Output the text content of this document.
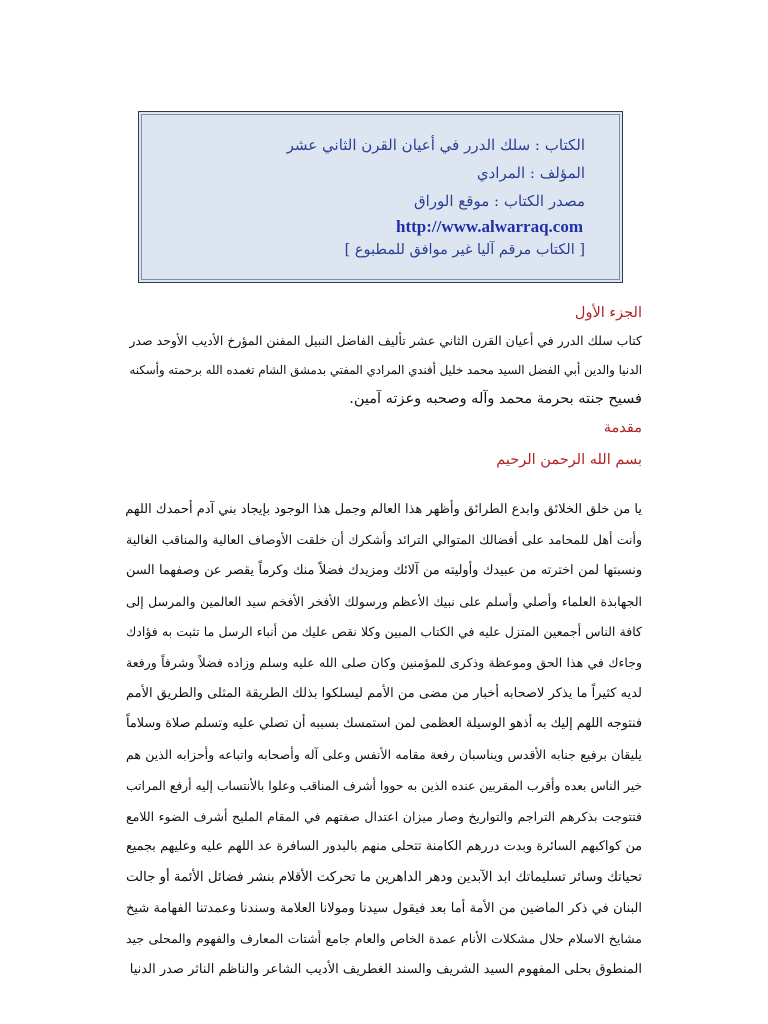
الكتاب : سلك الدرر في أعيان القرن الثاني عشر
المؤلف : المرادي
مصدر الكتاب : موقع الوراق
http://www.alwarraq.com
[ الكتاب مرقم آليا غير موافق للمطبوع ]
الجزء الأول

كتاب سلك الدرر في أعيان القرن الثاني عشر تأليف الفاضل النبيل المفنن المؤرخ الأديب الأوحد صدر
الدنيا والدين أبي الفضل السيد محمد خليل أفندي المرادي المفتي بدمشق الشام تغمده الله برحمته وأسكنه
فسيح جنته بحرمة محمد وآله وصحبه وعزته آمين.

مقدمة
بسم الله الرحمن الرحيم
يا من خلق الخلائق وابدع الطرائق وأظهر هذا العالم وجمل هذا الوجود بإيجاد بني آدم أحمدك اللهم
وأنت أهل للمحامد على أفضالك المتوالي الترائد وأشكرك أن خلقت الأوصاف العالية والمناقب الغالية
ونسبتها لمن اخترته من عبيدك وأوليته من آلائك ومزيدك فضلاً منك وكرماً يقصر عن وصفهما السن
الجهابذة العلماء وأصلي وأسلم على نبيك الأعظم ورسولك الأفخر الأفخم سيد العالمين والمرسل إلى
كافة الناس أجمعين المتزل عليه في الكتاب المبين وكلا نقص عليك من أنباء الرسل ما تثبت به فؤادك
وجاءك في هذا الحق وموعظة وذكرى للمؤمنين وكان صلى الله عليه وسلم وزاده فضلاً وشرفاً ورفعة
لديه كثيراً ما يذكر لاصحابه أخبار من مضى من الأمم ليسلكوا بذلك الطريقة المثلى والطريق الأمم
فنتوجه اللهم إليك به أذهو الوسيلة العظمى لمن استمسك بسببه أن تصلي عليه وتسلم صلاة وسلاماً
يليقان برفيع جنابه الأقدس ويناسبان رفعة مقامه الأنفس وعلى آله وأصحابه واتباعه وأحزابه الذين هم
خير الناس بعده وأقرب المقربين عنده الذين به حووا أشرف المناقب وعلوا بالأنتساب إليه أرفع المراتب
فتتوجت بذكرهم التراجم والتواريخ وصار ميزان اعتدال صفتهم في المقام المليح أشرف الضوء اللامع
من كواكبهم السائرة وبدت دررهم الكامنة تتحلى منهم بالبدور السافرة عد اللهم عليه وعليهم بجميع
تحياتك وسائر تسليماتك ابد الآبدين ودهر الداهرين ما تحركت الأقلام بنشر فضائل الأئمة أو جالت
البنان في ذكر الماضين من الأمة أما بعد فيقول سيدنا ومولانا العلامة وسندنا وعمدتنا الفهامة شيخ
مشايخ الاسلام حلال مشكلات الأنام عمدة الخاص والعام جامع أشتات المعارف والفهوم والمحلى جيد
المنطوق بحلى المفهوم السيد الشريف والسند الغطريف الأديب الشاعر والناظم الناثر صدر الدنيا
